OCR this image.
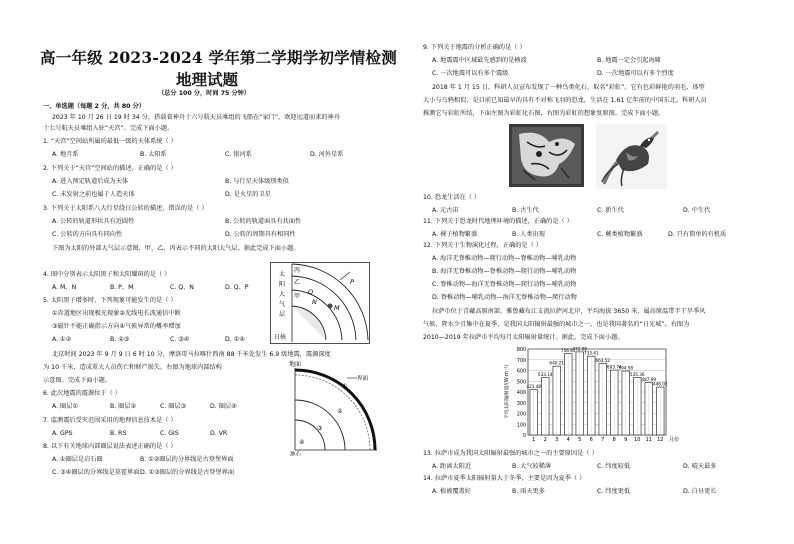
高一年级 2023-2024 学年第二学期学初学情检测
地理试题
（总分 100 分，时间 75 分钟）
一、单选题（每题 2 分，共 80 分）
2023 年 10 月 26 日 19 时 34 分，搭载着神舟十六号航天员乘组的飞船在“家门”，欢迎远道而来的神舟
十七号航天员乘组入驻“天宫”。完成下面小题。
1. “天宫”空间站所属的最低一级的天体系统（ ）
A. 地月系	B. 太阳系	C. 银河系	D. 河外星系
2. 下列关于“天宫”空间站的描述，正确的是（ ）
A. 进入预定轨道后成为天体	B. 与行星天体级别类似
C. 未发射之前也属于人造天体	D. 是火星的卫星
3. 下列关于太阳系八大行星绕日公转的描述，错误的是（ ）
A. 公转的轨道形状具有近圆性	B. 公转的轨道面具有共面性
C. 公转的方向具有同向性	D. 公转的周期具有相同性
下图为太阳的外部大气层示意图，甲、乙、丙表示不同的太阳大气层。据此完成下面小题。
4. 图中分别表示太阳黑子和太阳耀斑的是（ ）
A. M、N	B. P、M	C. Q、N	D. Q、P
5. 太阳黑子增多时，下列现象可能发生的是（ ）
①赤道地区出现极光现象②无线电长波通信中断
③磁针不能正确指示方向④气候异常的概率增加
A. ①②	B. ②③	C. ③④	D. ①④
北京时间 2023 年 9 月 9 日 6 时 10 分，摩洛哥马拉喀什西南 88 千米处发生 6.9 级地震，震源深度
为 10 千米，造成重大人员伤亡和财产损失。右图为地球内部结构
示意图。完成下面小题。
6. 此次地震的震源位于（ ）
A. 圈层①	B. 圈层②	C. 圈层③	D. 圈层④
7. 监测震后受灾范围采用的地理信息技术是（ ）
A. GPS	B. RS	C. GIS	D. VR
8. 以下有关地球内部圈层说法表述正确的是（ ）
A. ①圈层是岩石圈	B. ①②圈层的分界线是古登堡界面
C. ③④圈层的分界线是莫霍界面 D. ①③圈层的分界线是古登堡界面
丙
乙
甲
太
阳
大
气
层
P
Q
N
M
日核
地面
界面
①
②
③
④
地心
9. 下列关于地震的分析正确的是（ ）
A. 地震震中区域最先感到的是横波	B. 地震一定会引起海啸
C. 一次地震可以有多个震级	D. 一次地震可以有多个烈度
2018 年 1 月 15 日，科研人员宣布发现了一种鸟类化石，取名“彩虹”。它有色彩鲜艳的羽毛，体型
大小与乌鸦相似，是目前已知最早的具有不对称飞羽的恐龙，生活在 1.61 亿年前的中国东北。科研人员
推测它与彩虹所结，下面左图为彩虹化石图，右图为彩虹的想象复原图。完成下面小题。
10. 恐龙生活在（ ）
A. 元古宙	B. 古生代	C. 新生代	D. 中生代
11. 下列关于恐龙时代地理环境的描述，正确的是（ ）
A. 裸子植物繁盛	B. 人类出现	C. 蕨类植物繁盛	D. 只有简单的有机质
12. 下列关于生物演化过程，正确的是（ ）
A. 海洋无脊椎动物—爬行动物—脊椎动物—哺乳动物
B. 海洋无脊椎动物—脊椎动物—爬行动物—哺乳动物
C. 脊椎动物—海洋无脊椎动物—爬行动物—哺乳动物
D. 脊椎动物—哺乳动物—海洋无脊椎动物—爬行动物
拉萨市位于青藏高原南部，雅鲁藏布江支流拉萨河北岸，平均海拔 3650 米，属高原温带半干旱季风
气候，降水少且集中在夏季，是我国太阳辐射最强的城市之一，也是我国著名的“日光城”。右图为
2010—2019 年拉萨市平均每月太阳辐射量统计。据此，完成下面小题。
0
100
200
300
400
500
600
700
800
421.48
1
533.14
2
640.21
3
756.81
4
772.98
5
733.41
6
663.52
7
603.74
8
594.58
9
535.36
10
487.99
11
446.02
12 月份
平均太阳辐射量/(W·m⁻²)
13. 拉萨市成为我国太阳辐射最强的城市之一的主要原因是（ ）
A. 距离太阳近	B. 大气较稀薄	C. 纬度较低	D. 晴天最多
14. 拉萨市夏季太阳辐射量大于冬季，主要是因为夏季（ ）
A. 植被覆盖好	B. 雨天更多	C. 纬度更低	D. 白昼更长
